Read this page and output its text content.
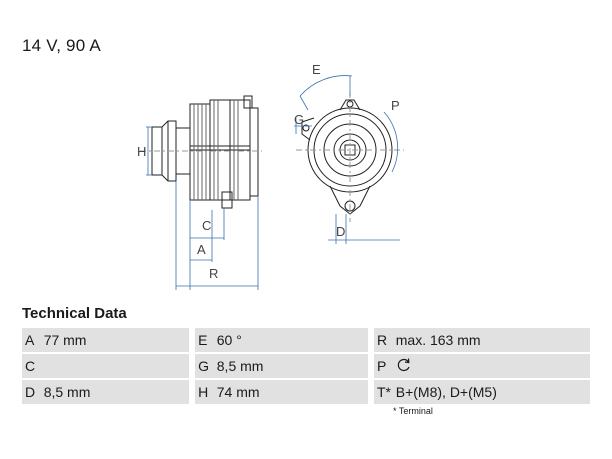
14 V, 90 A
H
C
A
R
E
P
G
D
Technical Data
A	77 mm		E	60 °		R	max. 163 mm

C			G	8,5 mm		P	

D	8,5 mm		H	74 mm		T*	B+(M8), D+(M5)
* Terminal
